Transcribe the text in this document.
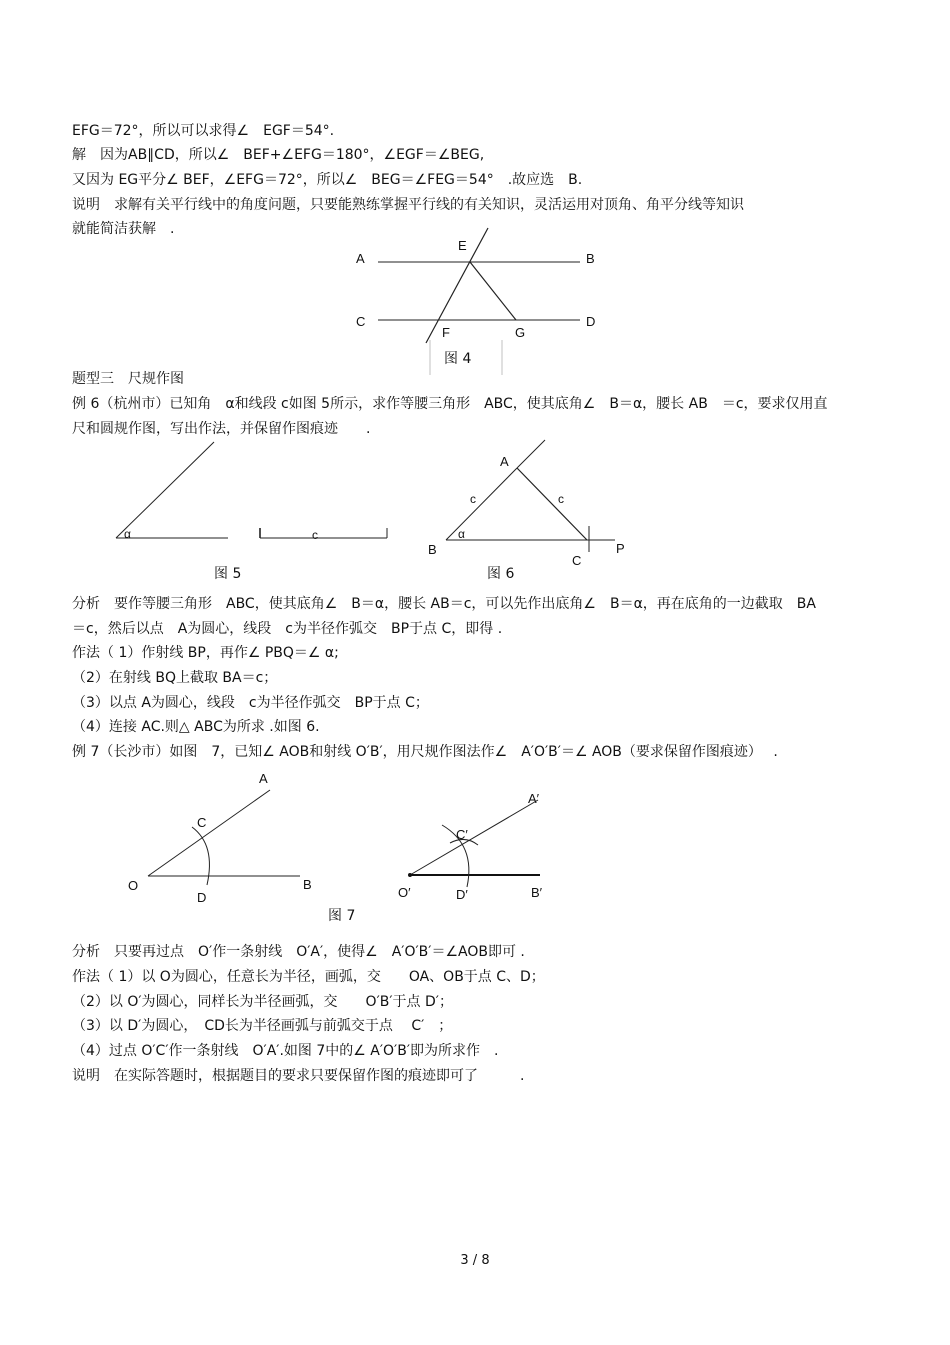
EFG＝72°，所以可以求得∠　EGF＝54°.
解　因为AB∥CD，所以∠　BEF+∠EFG＝180°，∠EGF＝∠BEG,
又因为 EG平分∠ BEF，∠EFG＝72°，所以∠　BEG＝∠FEG＝54°　.故应选　B.
说明　求解有关平行线中的角度问题，只要能熟练掌握平行线的有关知识，灵活运用对顶角、角平分线等知识
就能简洁获解　.
A	B
C	D
E
F	G
图 4
题型三　尺规作图
例 6（杭州市）已知角　α和线段 c如图 5所示，求作等腰三角形　ABC，使其底角∠　B＝α，腰长 AB　＝c，要求仅用直
尺和圆规作图，写出作法，并保留作图痕迹　　.
α	c
A
B
C
P
c	c
α
图 5	图 6
分析　要作等腰三角形　ABC，使其底角∠　B＝α，腰长 AB＝c，可以先作出底角∠　B＝α，再在底角的一边截取　BA
＝c，然后以点　A为圆心，线段　c为半径作弧交　BP于点 C，即得 .
作法（ 1）作射线 BP，再作∠ PBQ＝∠ α;
（2）在射线 BQ上截取 BA＝c；
（3）以点 A为圆心，线段　c为半径作弧交　BP于点 C；
（4）连接 AC.则△ ABC为所求 .如图 6.
例 7（长沙市）如图　7，已知∠ AOB和射线 O′B′，用尺规作图法作∠　A′O′B′＝∠ AOB（要求保留作图痕迹）　 .
A
B
C
D
O
A′
B′
C′
D′
O′
图 7
分析　只要再过点　O′作一条射线　O′A′，使得∠　A′O′B′＝∠AOB即可 .
作法（ 1）以 O为圆心，任意长为半径，画弧，交　　OA、OB于点 C、D；
（2）以 O′为圆心，同样长为半径画弧，交　　O′B′于点 D′；
（3）以 D′为圆心，　CD长为半径画弧与前弧交于点　 C′　；
（4）过点 O′C′作一条射线　O′A′.如图 7中的∠ A′O′B′即为所求作　.
说明　在实际答题时，根据题目的要求只要保留作图的痕迹即可了　　　.
3 / 8
